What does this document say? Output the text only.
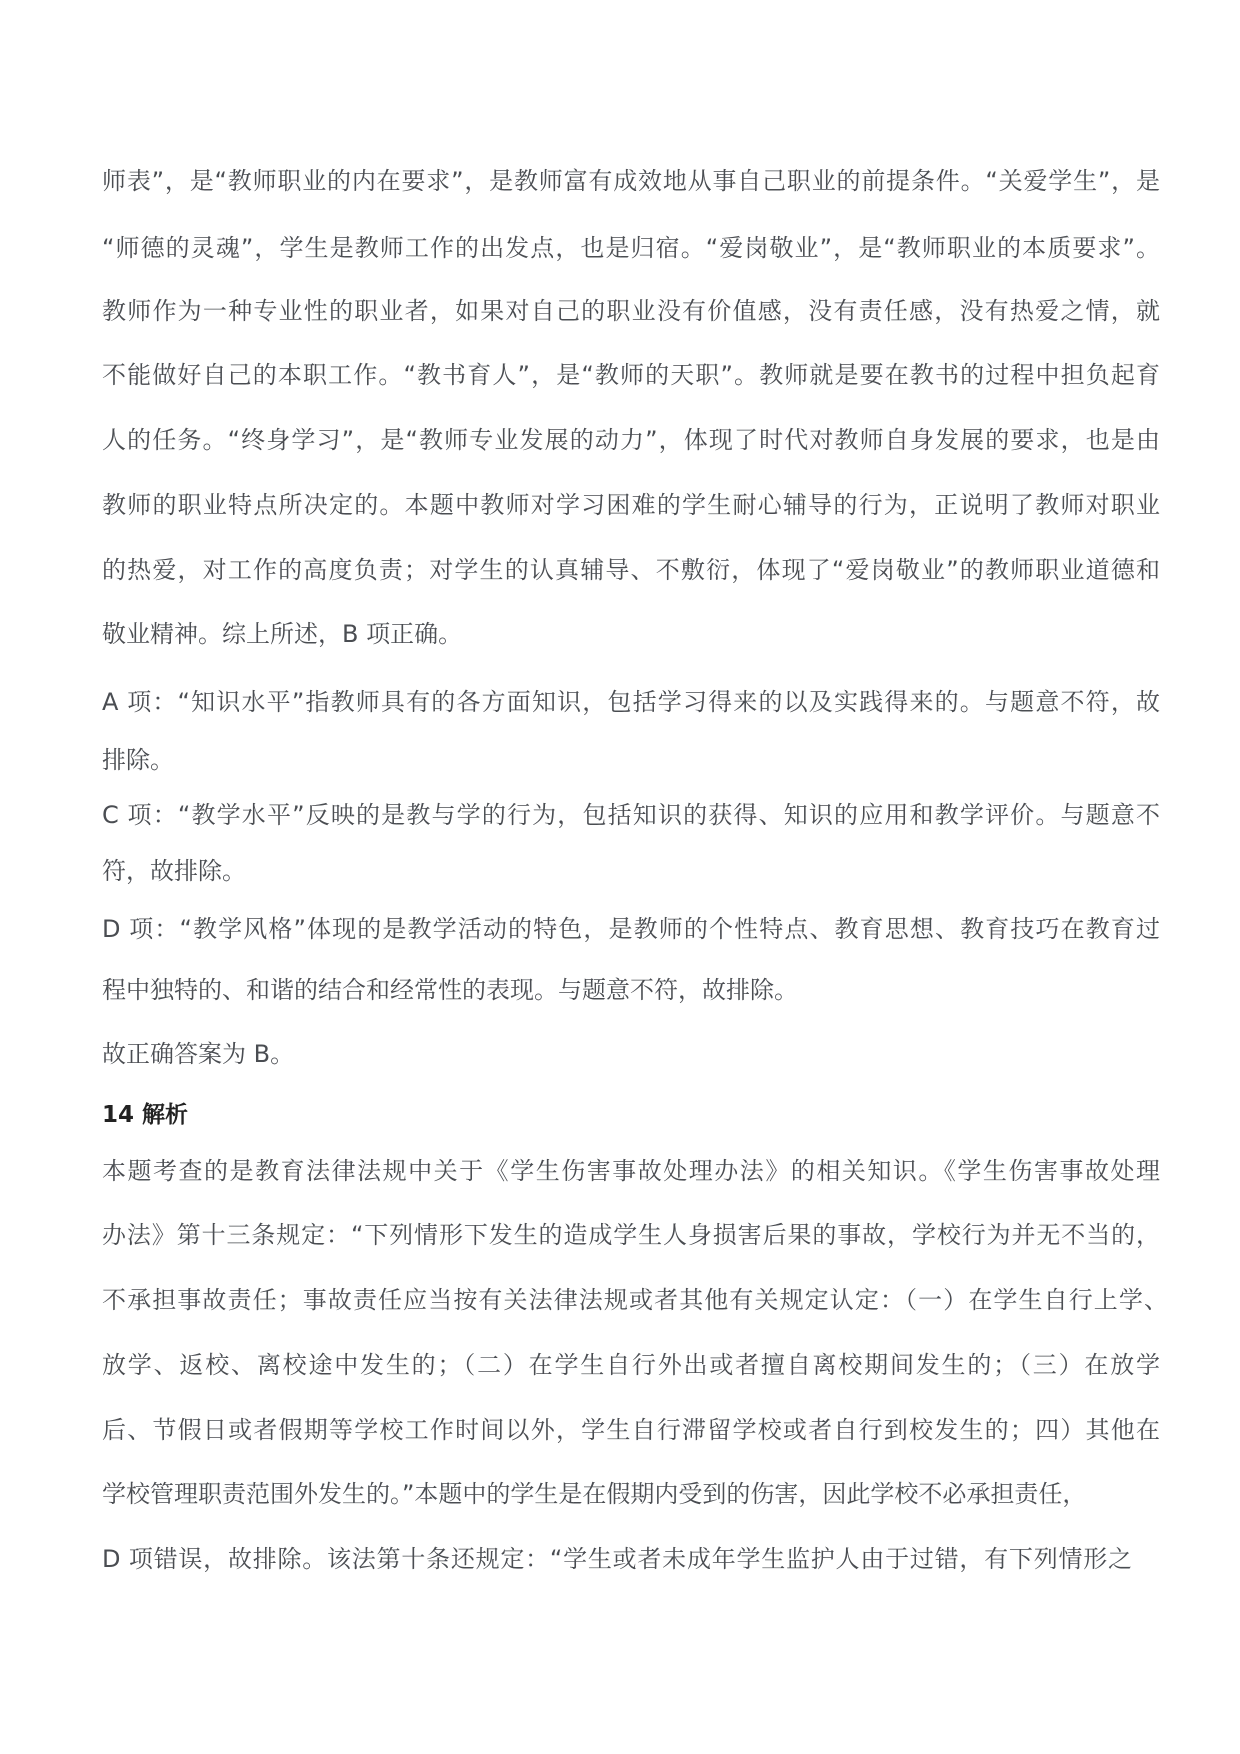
师表”，是“教师职业的内在要求”，是教师富有成效地从事自己职业的前提条件。“关爱学生”，是
“师德的灵魂”，学生是教师工作的出发点，也是归宿。“爱岗敬业”，是“教师职业的本质要求”。
教师作为一种专业性的职业者，如果对自己的职业没有价值感，没有责任感，没有热爱之情，就
不能做好自己的本职工作。“教书育人”，是“教师的天职”。教师就是要在教书的过程中担负起育
人的任务。“终身学习”，是“教师专业发展的动力”，体现了时代对教师自身发展的要求，也是由
教师的职业特点所决定的。本题中教师对学习困难的学生耐心辅导的行为，正说明了教师对职业
的热爱，对工作的高度负责；对学生的认真辅导、不敷衍，体现了“爱岗敬业”的教师职业道德和
敬业精神。综上所述，B 项正确。
A 项：“知识水平”指教师具有的各方面知识，包括学习得来的以及实践得来的。与题意不符，故
排除。
C 项：“教学水平”反映的是教与学的行为，包括知识的获得、知识的应用和教学评价。与题意不
符，故排除。
D 项：“教学风格”体现的是教学活动的特色，是教师的个性特点、教育思想、教育技巧在教育过
程中独特的、和谐的结合和经常性的表现。与题意不符，故排除。
故正确答案为 B。
14 解析
本题考查的是教育法律法规中关于《学生伤害事故处理办法》的相关知识。《学生伤害事故处理
办法》第十三条规定：“下列情形下发生的造成学生人身损害后果的事故，学校行为并无不当的，
不承担事故责任；事故责任应当按有关法律法规或者其他有关规定认定：（一）在学生自行上学、
放学、返校、离校途中发生的；（二）在学生自行外出或者擅自离校期间发生的；（三）在放学
后、节假日或者假期等学校工作时间以外，学生自行滞留学校或者自行到校发生的；四）其他在
学校管理职责范围外发生的。”本题中的学生是在假期内受到的伤害，因此学校不必承担责任，
D 项错误，故排除。该法第十条还规定：“学生或者未成年学生监护人由于过错，有下列情形之
